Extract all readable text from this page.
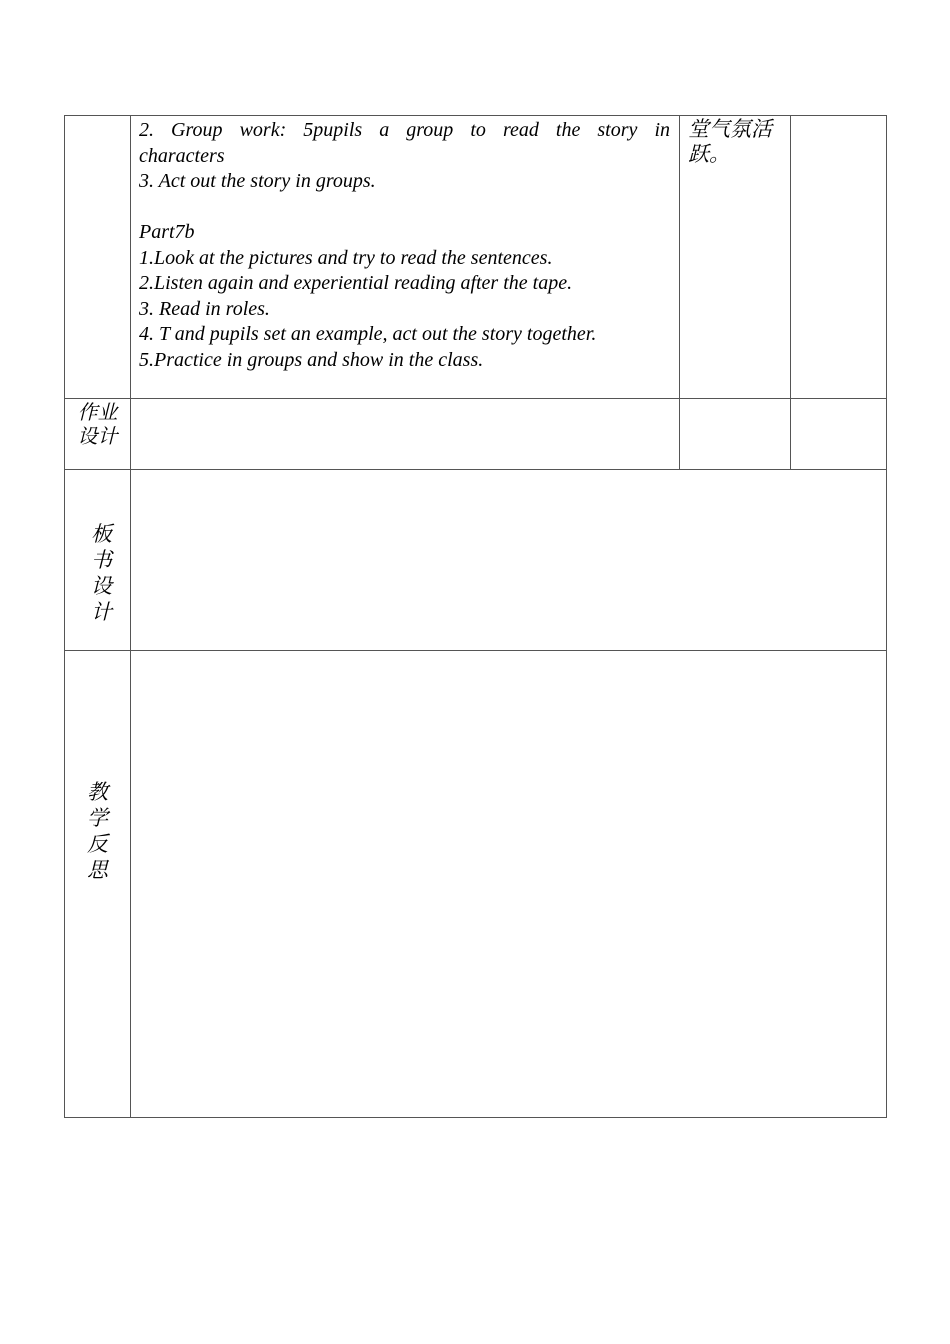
2. Group work: 5pupils a group to read the story in
characters
3. Act out the story in groups.
Part7b
1.Look at the pictures and try to read the sentences.
2.Listen again and experiential reading after the tape.
3. Read in roles.
4. T and pupils set an example, act out the story together.
5.Practice in groups and show in the class.
堂气氛活
跃。
作业
设计
板
书
设
计
教
学
反
思
